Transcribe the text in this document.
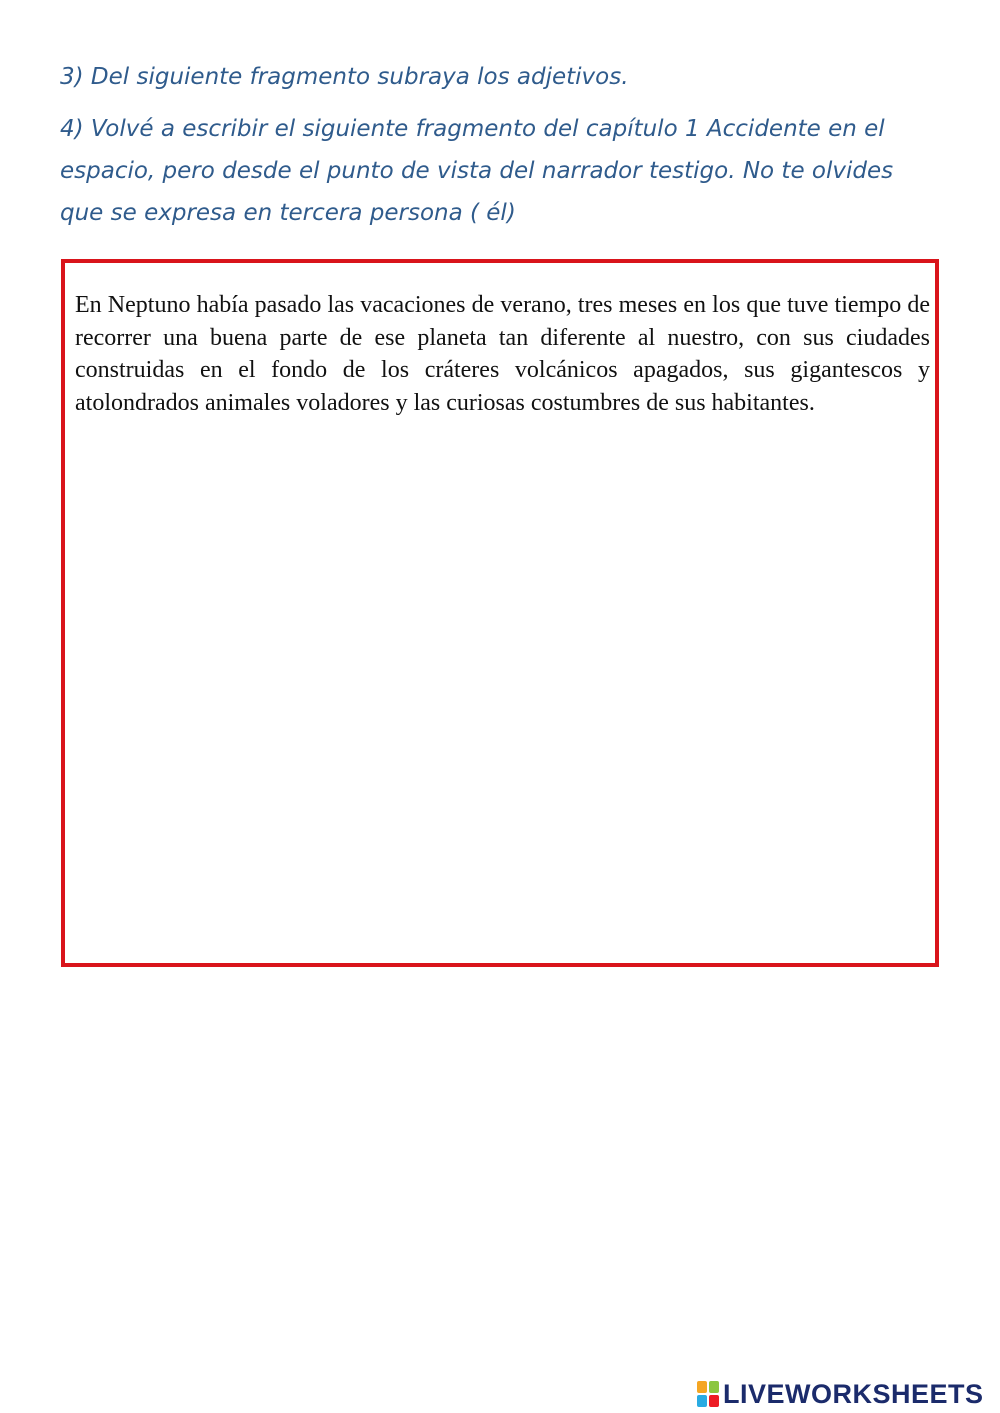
3) Del siguiente fragmento subraya los adjetivos.

4) Volvé a escribir el siguiente fragmento del capítulo 1 Accidente en el espacio, pero desde el punto de vista del narrador testigo. No te olvides que se expresa en tercera persona ( él)

En Neptuno había pasado las vacaciones de verano, tres meses en los que tuve tiempo de recorrer una buena parte de ese planeta tan diferente al nuestro, con sus ciudades construidas en el fondo de los cráteres volcánicos apagados, sus gigantescos y atolondrados animales voladores y las curiosas costumbres de sus habitantes.

LIVEWORKSHEETS
